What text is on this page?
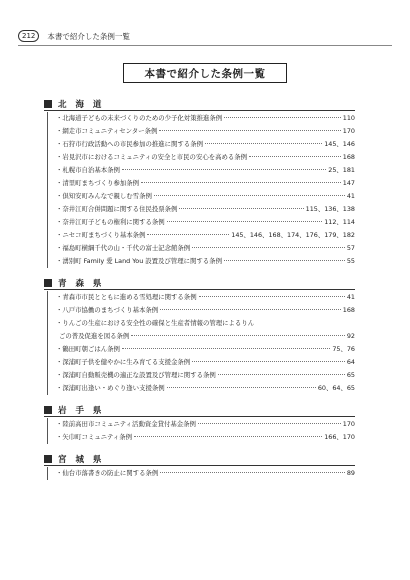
212	本書で紹介した条例一覧
本書で紹介した条例一覧
北 海 道
・北海道子どもの未来づくりのための少子化対策推進条例	110
・網走市コミュニティセンター条例	170
・石狩市行政活動への市民参加の推進に関する条例	145、146
・岩見沢市におけるコミュニティの安全と市民の安心を高める条例	168
・札幌市自治基本条例	25、181
・清里町まちづくり参加条例	147
・倶知安町みんなで親しむ雪条例	41
・奈井江町合併問題に関する住民投票条例	115、136、138
・奈井江町子どもの権利に関する条例	112、114
・ニセコ町まちづくり基本条例	145、146、168、174、176、179、182
・福島町横綱千代の山・千代の富士記念館条例	57
・湧別町 Family 愛 Land You 設置及び管理に関する条例	55
青 森 県
・青森市市民とともに進める雪処理に関する条例	41
・八戸市協働のまちづくり基本条例	168
・りんごの生産における安全性の確保と生産者情報の管理によるりん
ごの普及促進を図る条例	92
・鶴田町朝ごはん条例	75、76
・深浦町子供を健やかに生み育てる支援金条例	64
・深浦町自動販売機の適正な設置及び管理に関する条例	65
・深浦町出逢い・めぐり逢い支援条例	60、64、65
岩 手 県
・陸前高田市コミュニティ活動資金貸付基金条例	170
・矢巾町コミュニティ条例	166、170
宮 城 県
・仙台市落書きの防止に関する条例	89
